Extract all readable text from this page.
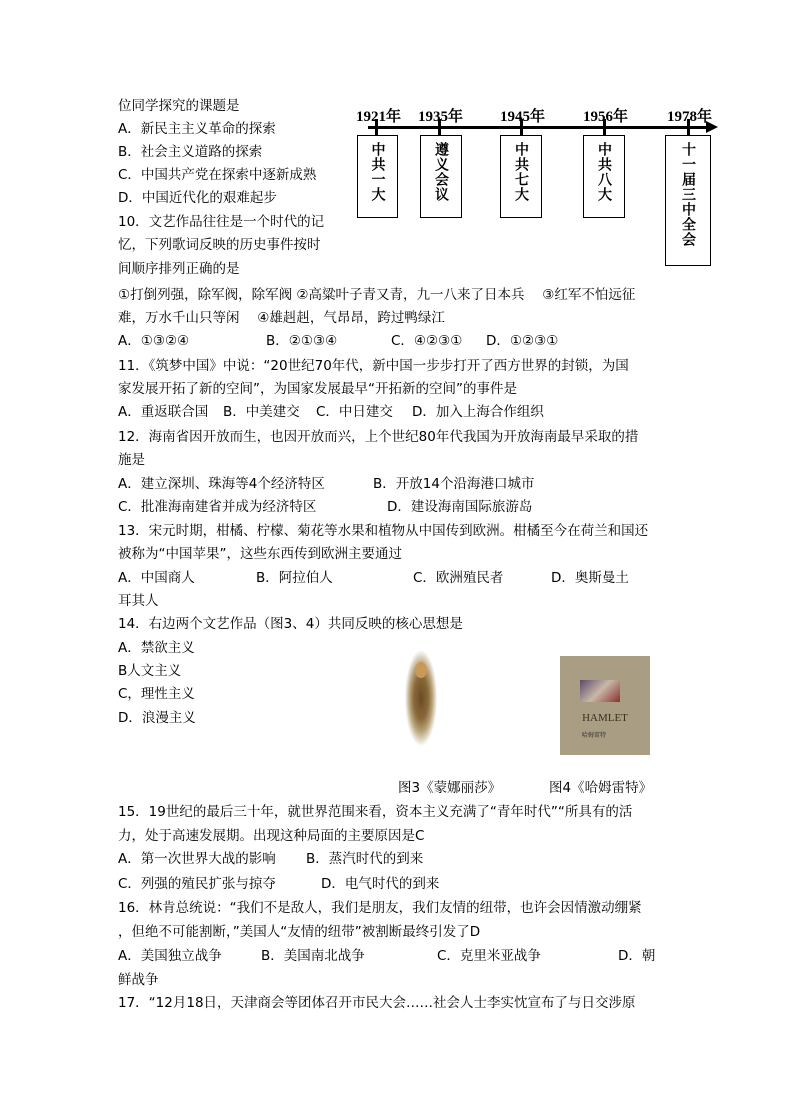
位同学探究的课题是
A．新民主主义革命的探索
B．社会主义道路的探索
C．中国共产党在探索中逐新成熟
D．中国近代化的艰难起步
1921年 1935年 1945年	1956年	1978年
中共一大	遵义会议	中共七大	中共八大	十一届三中全会
10．文艺作品往往是一个时代的记
忆，下列歌词反映的历史事件按时
间顺序排列正确的是
①打倒列强，除军阀，除军阀 ②高粱叶子青又青，九一八来了日本兵　 ③红军不怕远征
难，万水千山只等闲　 ④雄赳赳，气昂昂，跨过鸭绿江
A．①③②④	B．②①③④	C．④②③① D．①②③①
11．《筑梦中国》中说：“20世纪70年代，新中国一步步打开了西方世界的封锁，为国
家发展开拓了新的空间”，为国家发展最早“开拓新的空间”的事件是
A．重返联合国 B．中美建交 C．中日建交 D．加入上海合作组织
12．海南省因开放而生，也因开放而兴，上个世纪80年代我国为开放海南最早采取的措
施是
A．建立深圳、珠海等4个经济特区	B．开放14个沿海港口城市
C．批准海南建省并成为经济特区	D．建设海南国际旅游岛
13．宋元时期，柑橘、柠檬、菊花等水果和植物从中国传到欧洲。柑橘至今在荷兰和国还
被称为“中国苹果”，这些东西传到欧洲主要通过
A．中国商人	B．阿拉伯人	C．欧洲殖民者	D．奥斯曼土
耳其人
14．右边两个文艺作品（图3、4）共同反映的核心思想是
A．禁欲主义
B人文主义
C，理性主义
D．浪漫主义	HAMLET
哈姆雷特
图3《蒙娜丽莎》	图4《哈姆雷特》
15．19世纪的最后三十年，就世界范围来看，资本主义充满了“青年时代”“所具有的活
力，处于高速发展期。出现这种局面的主要原因是C
A．第一次世界大战的影响 B．蒸汽时代的到来
C．列强的殖民扩张与掠夺	D．电气时代的到来
16．林肯总统说：“我们不是敌人，我们是朋友，我们友情的纽带，也许会因情激动绷紧
，但绝不可能割断，”美国人“友情的纽带”被割断最终引发了D
A．美国独立战争	B．美国南北战争	C．克里米亚战争	D．朝
鲜战争
17．“12月18日，天津商会等团体召开市民大会……社会人士李实忱宣布了与日交涉原
